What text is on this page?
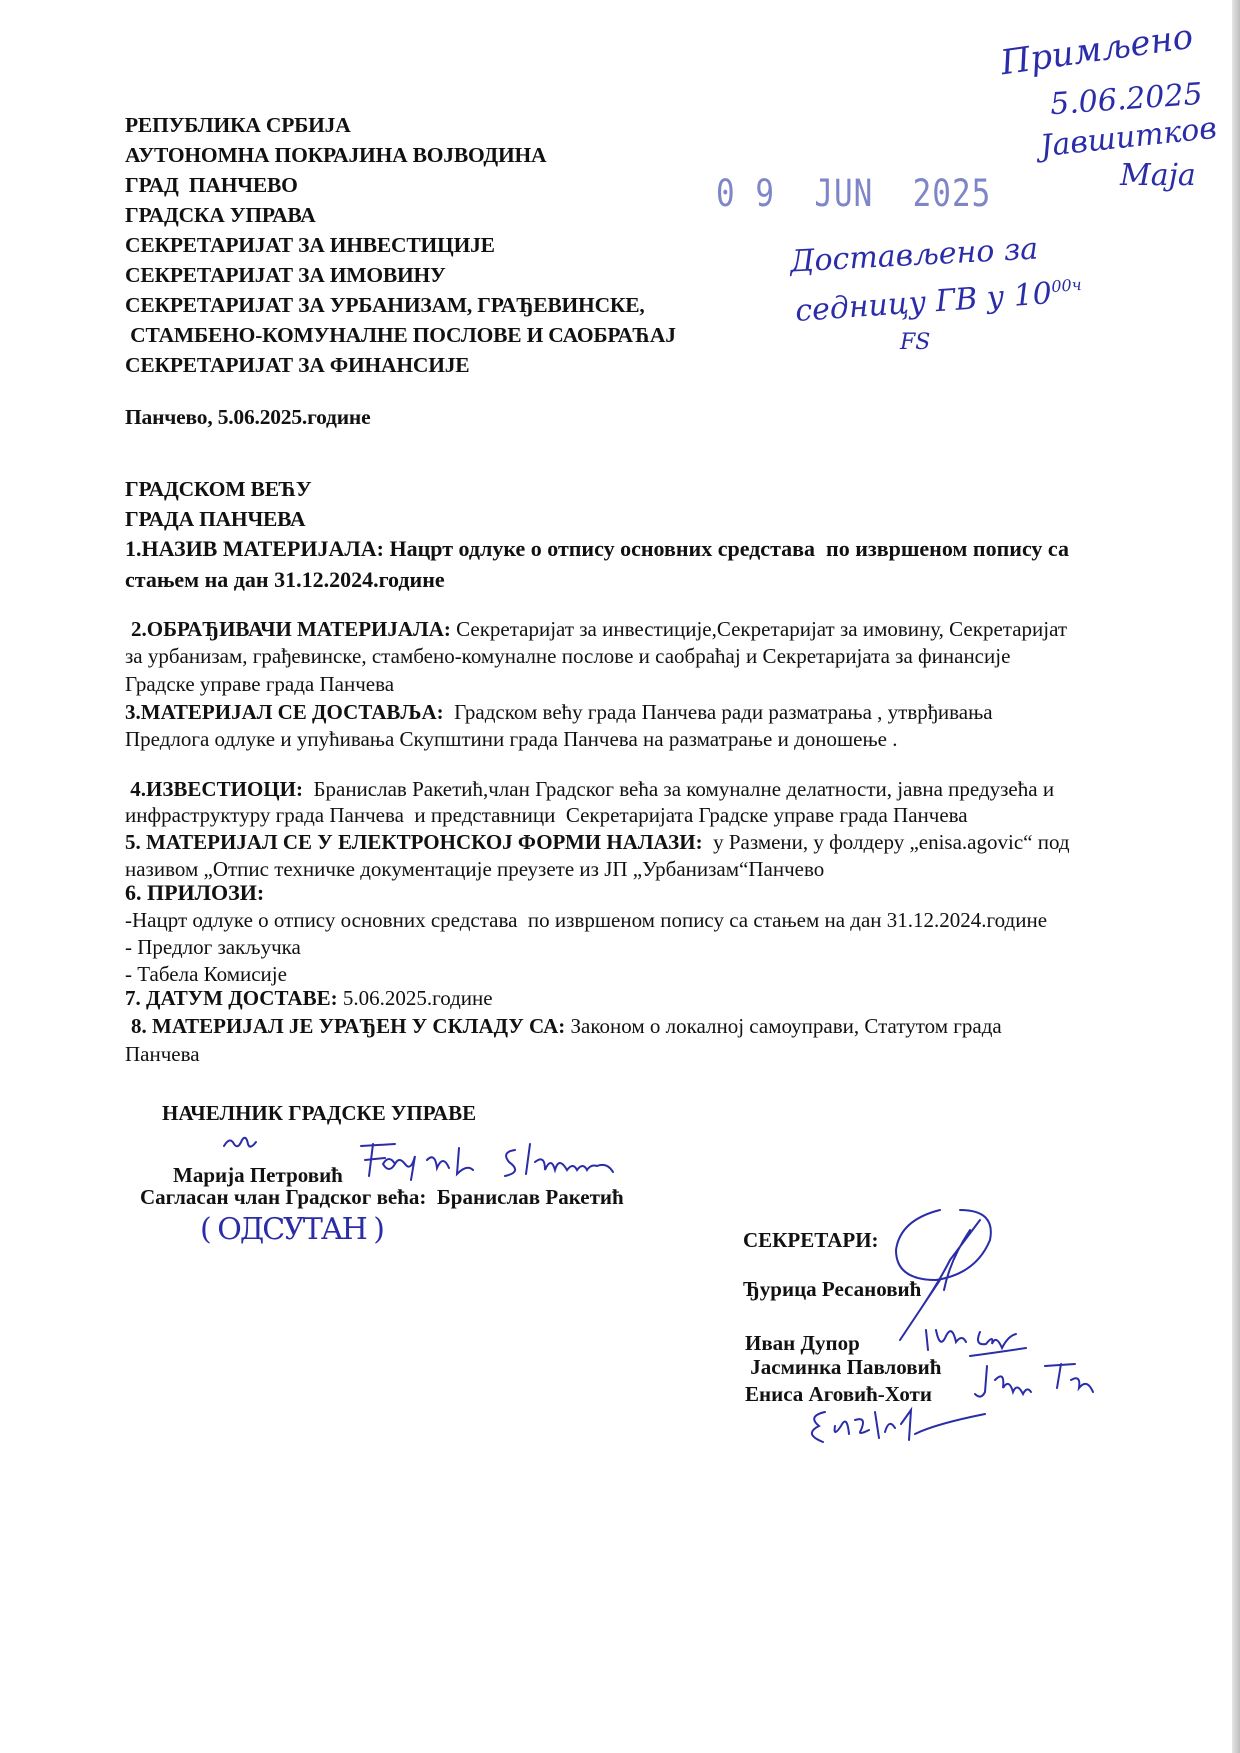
РЕПУБЛИКА СРБИЈА
АУТОНОМНА ПОКРАЈИНА ВОЈВОДИНА
ГРАД  ПАНЧЕВО
ГРАДСКА УПРАВА
СЕКРЕТАРИЈАТ ЗА ИНВЕСТИЦИЈЕ
СЕКРЕТАРИЈАТ ЗА ИМОВИНУ
СЕКРЕТАРИЈАТ ЗА УРБАНИЗАМ, ГРАЂЕВИНСКЕ,
СТАМБЕНО-КОМУНАЛНЕ ПОСЛОВЕ И САОБРАЋАЈ
СЕКРЕТАРИЈАТ ЗА ФИНАНСИЈЕ
Панчево, 5.06.2025.године
0 9  JUN  2025
Примљено
5.06.2025
Јавшитков
Маја
Достављено за
седницу ГВ у $10^{00ч}$
FS
ГРАДСКОМ ВЕЋУ
ГРАДА ПАНЧЕВА
1.НАЗИВ МАТЕРИЈАЛА: Нацрт одлуке о отпису основних средстава  по извршеном попису са
стањем на дан 31.12.2024.године
2.ОБРАЂИВАЧИ МАТЕРИЈАЛА: Секретаријат за инвестиције,Секретаријат за имовину, Секретаријат
за урбанизам, грађевинске, стамбено-комуналне послове и саобраћај и Секретаријата за финансије
Градске управе града Панчева
3.МАТЕРИЈАЛ СЕ ДОСТАВЉА:  Градском већу града Панчева ради разматрања , утврђивања
Предлога одлуке и упућивања Скупштини града Панчева на разматрање и доношење .
4.ИЗВЕСТИОЦИ:  Бранислав Ракетић,члан Градског већа за комуналне делатности, јавна предузећа и
инфраструктуру града Панчева  и представници  Секретаријата Градске управе града Панчева
5. МАТЕРИЈАЛ СЕ У ЕЛЕКТРОНСКОЈ ФОРМИ НАЛАЗИ:  у Размени, у фолдеру „enisa.agovic“ под
називом „Отпис техничке документације преузете из ЈП „Урбанизам“Панчево
6. ПРИЛОЗИ:
-Нацрт одлуке о отпису основних средстава  по извршеном попису са стањем на дан 31.12.2024.године
- Предлог закључка
- Табела Комисије
7. ДАТУМ ДОСТАВЕ: 5.06.2025.године
8. МАТЕРИЈАЛ ЈЕ УРАЂЕН У СКЛАДУ СА: Законом о локалној самоуправи, Статутом града
Панчева
НАЧЕЛНИК ГРАДСКЕ УПРАВЕ
Марија Петровић
Сагласан члан Градског већа:  Бранислав Ракетић
( ОДСУТАН )	СЕКРЕТАРИ:
Ђурица Ресановић
Иван Дупор
Јасминка Павловић
Ениса Аговић-Хоти
